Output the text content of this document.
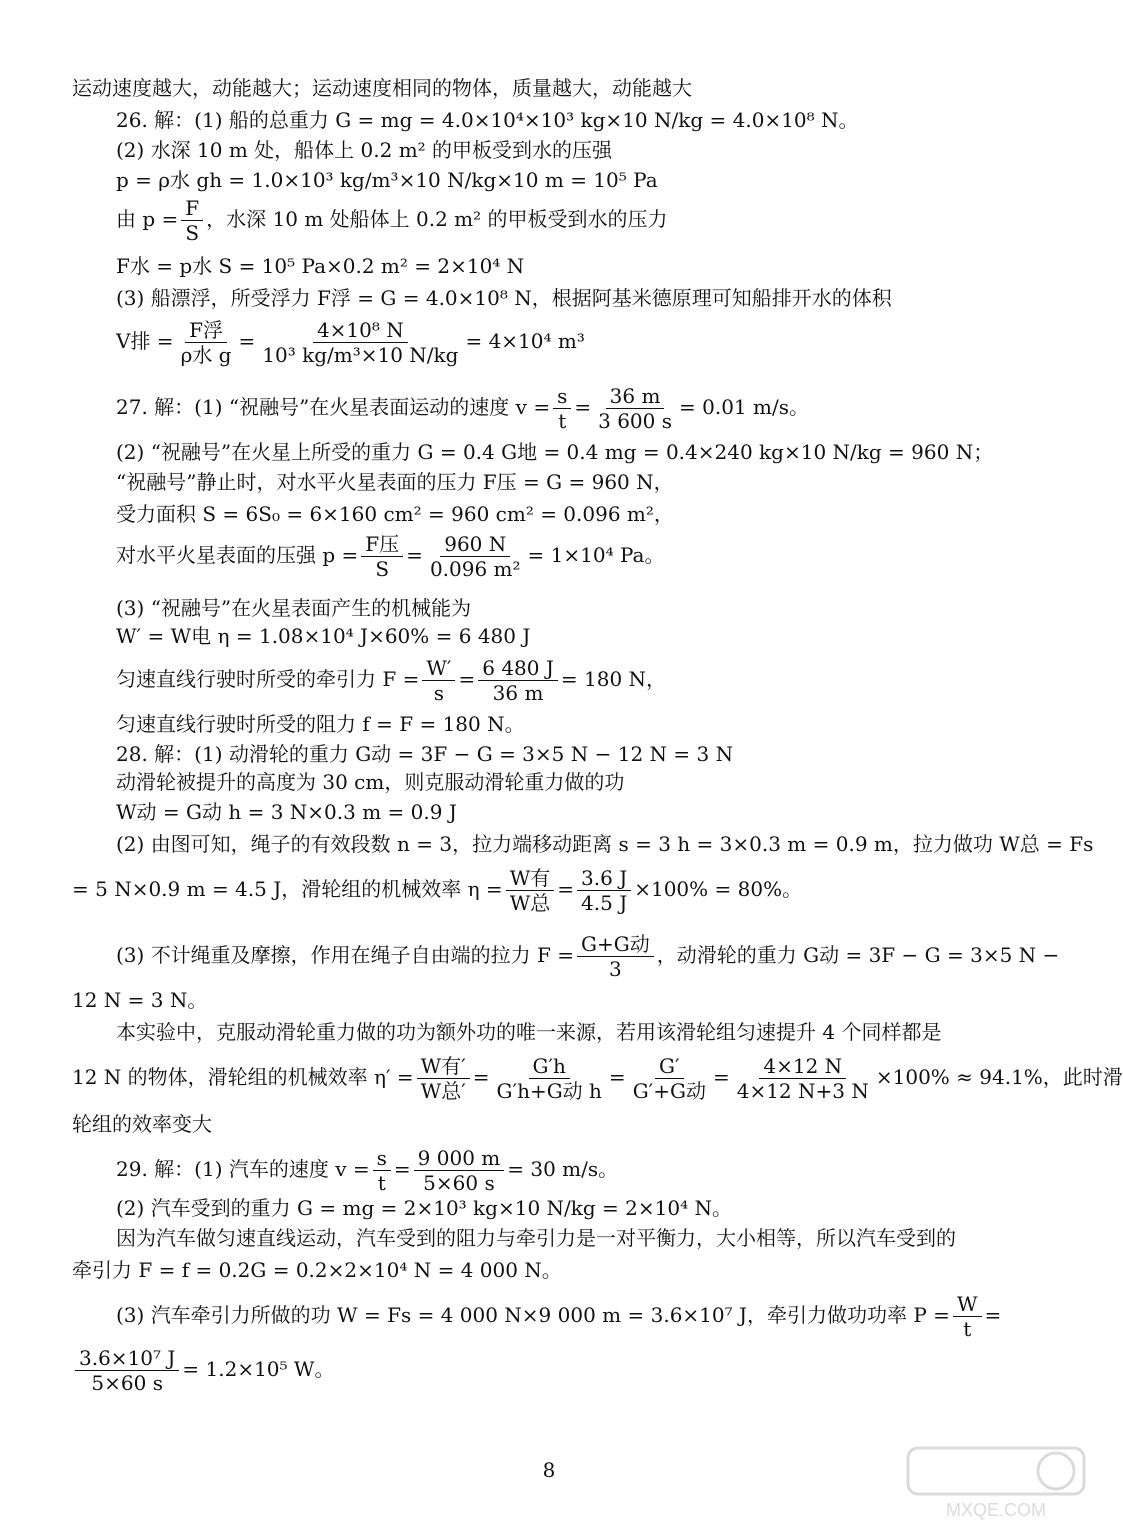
运动速度越大，动能越大；运动速度相同的物体，质量越大，动能越大
26. 解：(1) 船的总重力 G = mg = 4.0×10⁴×10³ kg×10 N/kg = 4.0×10⁸ N。
(2) 水深 10 m 处，船体上 0.2 m² 的甲板受到水的压强
p = ρ水 gh = 1.0×10³ kg/m³×10 N/kg×10 m = 10⁵ Pa
由 $p = \frac{F}{S}$ ，水深 10 m 处船体上 0.2 m² 的甲板受到水的压力
F水 = p水 S = 10⁵ Pa×0.2 m² = 2×10⁴ N
(3) 船漂浮，所受浮力 F浮 = G = 4.0×10⁸ N，根据阿基米德原理可知船排开水的体积
V排 = $\frac{\text{F浮}}{\text{ρ水 g}} = \frac{\text{4×10⁸ N}}{\text{10³ kg/m³×10 N/kg}} = 4\times 10^4$ m³
27. 解：(1) “祝融号”在火星表面运动的速度 $v = \frac{s}{t} = \frac{36 m}{3 600 s} = 0.01$ m/s。
(2) “祝融号”在火星上所受的重力 G = 0.4 G地 = 0.4 mg = 0.4×240 kg×10 N/kg = 960 N；
“祝融号”静止时，对水平火星表面的压力 F压 = G = 960 N，
受力面积 S = 6S₀ = 6×160 cm² = 960 cm² = 0.096 m²，
对水平火星表面的压强 $p = \frac{\text{F压}}{S} = \frac{960 N}{\text{0.096 m²}} = 1\times 10^4$ Pa。
(3) “祝融号”在火星表面产生的机械能为
W′ = W电 η = 1.08×10⁴ J×60% = 6 480 J
匀速直线行驶时所受的牵引力 $F = \frac{W'}{s} = \frac{6 480 J}{36 m} = 180$ N，
匀速直线行驶时所受的阻力 f = F = 180 N。
28. 解：(1) 动滑轮的重力 G动 = 3F − G = 3×5 N − 12 N = 3 N
动滑轮被提升的高度为 30 cm，则克服动滑轮重力做的功
W动 = G动 h = 3 N×0.3 m = 0.9 J
(2) 由图可知，绳子的有效段数 n = 3，拉力端移动距离 s = 3 h = 3×0.3 m = 0.9 m，拉力做功 W总 = Fs
= 5 N×0.9 m = 4.5 J，滑轮组的机械效率 $\eta = \frac{\text{W有}}{\text{W总}} = \frac{3.6 J}{4.5 J} \times 100\% = 80\%$。
(3) 不计绳重及摩擦，作用在绳子自由端的拉力 $F = \frac{\text{G+G动}}{3}$ ，动滑轮的重力 G动 = 3F − G = 3×5 N −
12 N = 3 N。
本实验中，克服动滑轮重力做的功为额外功的唯一来源，若用该滑轮组匀速提升 4 个同样都是
12 N 的物体，滑轮组的机械效率 $\eta' = \frac{\text{W有′}}{\text{W总′}} = \frac{G'h}{\text{G′h+G动 h}} = \frac{G'}{\text{G′+G动}} = \frac{4\times 12 N}{4\times 12 N+3 N} \times 100\% \approx 94.1\%$，此时滑
轮组的效率变大
29. 解：(1) 汽车的速度 $v = \frac{s}{t} = \frac{9 000 m}{5\times 60 s} = 30$ m/s。
(2) 汽车受到的重力 G = mg = 2×10³ kg×10 N/kg = 2×10⁴ N。
因为汽车做匀速直线运动，汽车受到的阻力与牵引力是一对平衡力，大小相等，所以汽车受到的
牵引力 F = f = 0.2G = 0.2×2×10⁴ N = 4 000 N。
(3) 汽车牵引力所做的功 W = Fs = 4 000 N×9 000 m = 3.6×10⁷ J，牵引力做功功率 $P = \frac{W}{t}$ =
$\frac{\text{3.6×10⁷ J}}{5\times 60 s} = 1.2\times 10^5$ W。
8
MXQE.COM
